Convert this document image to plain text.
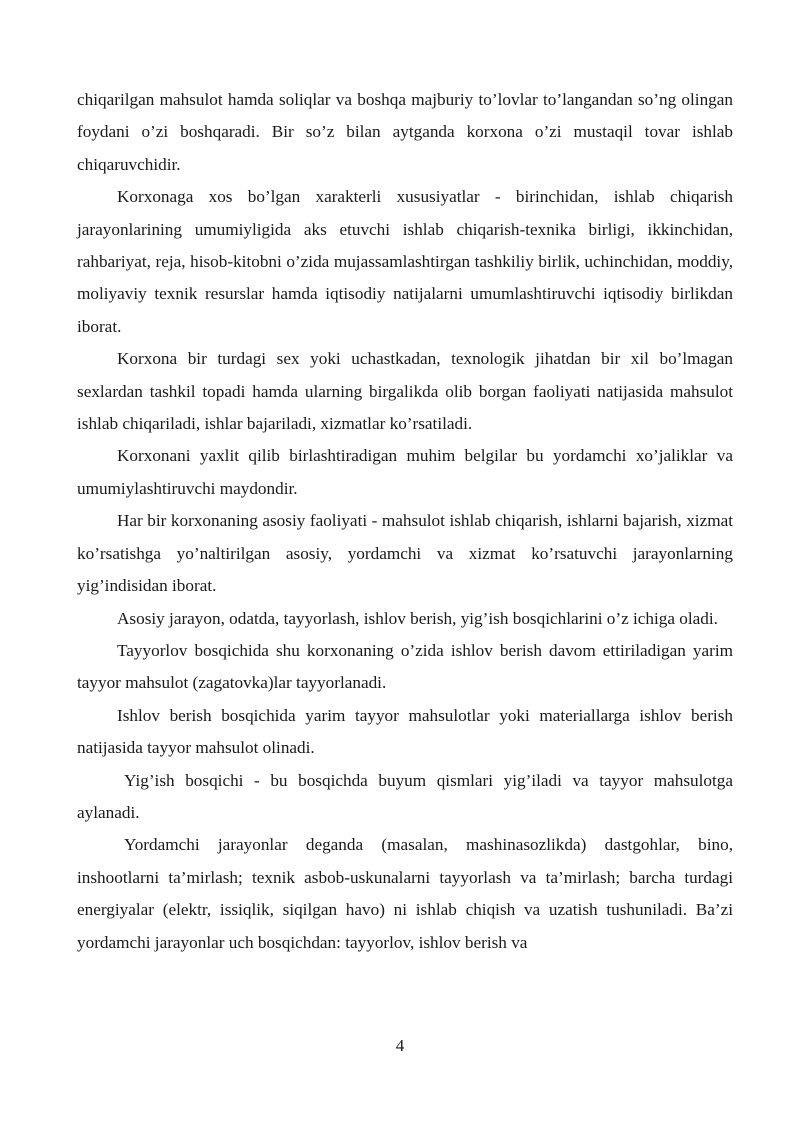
chiqarilgan mahsulot hamda soliqlar va boshqa majburiy to’lovlar to’langandan so’ng olingan foydani o’zi boshqaradi. Bir so’z bilan aytganda korxona o’zi mustaqil tovar ishlab chiqaruvchidir.

Korxonaga xos bo’lgan xarakterli xususiyatlar - birinchidan, ishlab chiqarish jarayonlarining umumiyligida aks etuvchi ishlab chiqarish-texnika birligi, ikkinchidan, rahbariyat, reja, hisob-kitobni o’zida mujassamlashtirgan tashkiliy birlik, uchinchidan, moddiy, moliyaviy texnik resurslar hamda iqtisodiy natijalarni umumlashtiruvchi iqtisodiy birlikdan iborat.

Korxona bir turdagi sex yoki uchastkadan, texnologik jihatdan bir xil bo’lmagan sexlardan tashkil topadi hamda ularning birgalikda olib borgan faoliyati natijasida mahsulot ishlab chiqariladi, ishlar bajariladi, xizmatlar ko’rsatiladi.

Korxonani yaxlit qilib birlashtiradigan muhim belgilar bu yordamchi xo’jaliklar va umumiylashtiruvchi maydondir.

Har bir korxonaning asosiy faoliyati - mahsulot ishlab chiqarish, ishlarni bajarish, xizmat ko’rsatishga yo’naltirilgan asosiy, yordamchi va xizmat ko’rsatuvchi jarayonlarning yig’indisidan iborat.

Asosiy jarayon, odatda, tayyorlash, ishlov berish, yig’ish bosqichlarini o’z ichiga oladi.

Tayyorlov bosqichida shu korxonaning o’zida ishlov berish davom ettiriladigan yarim tayyor mahsulot (zagatovka)lar tayyorlanadi.

Ishlov berish bosqichida yarim tayyor mahsulotlar yoki materiallarga ishlov berish natijasida tayyor mahsulot olinadi.

Yig’ish bosqichi - bu bosqichda buyum qismlari yig’iladi va tayyor mahsulotga aylanadi.

Yordamchi jarayonlar deganda (masalan, mashinasozlikda) dastgohlar, bino, inshootlarni ta’mirlash; texnik asbob-uskunalarni tayyorlash va ta’mirlash; barcha turdagi energiyalar (elektr, issiqlik, siqilgan havo) ni ishlab chiqish va uzatish tushuniladi. Ba’zi yordamchi jarayonlar uch bosqichdan: tayyorlov, ishlov berish va

4
